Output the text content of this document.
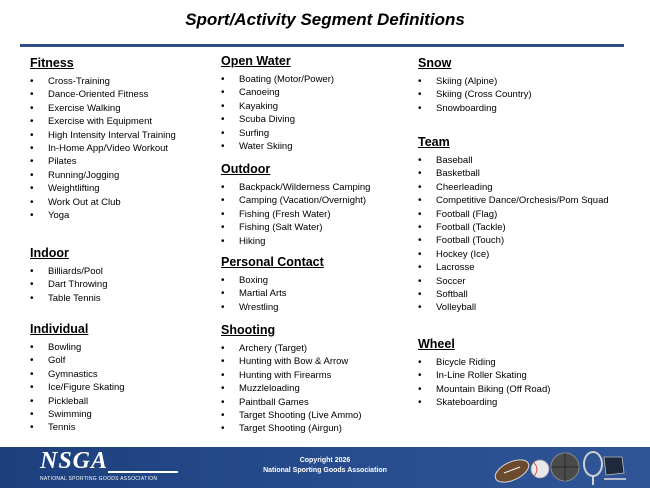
Sport/Activity Segment Definitions
Fitness
• Cross-Training
• Dance-Oriented Fitness
• Exercise Walking
• Exercise with Equipment
• High Intensity Interval Training
• In-Home App/Video Workout
• Pilates
• Running/Jogging
• Weightlifting
• Work Out at Club
• Yoga
Indoor
• Billiards/Pool
• Dart Throwing
• Table Tennis
Individual
• Bowling
• Golf
• Gymnastics
• Ice/Figure Skating
• Pickleball
• Swimming
• Tennis
Open Water
• Boating (Motor/Power)
• Canoeing
• Kayaking
• Scuba Diving
• Surfing
• Water Skiing
Outdoor
• Backpack/Wilderness Camping
• Camping (Vacation/Overnight)
• Fishing (Fresh Water)
• Fishing (Salt Water)
• Hiking
Personal Contact
• Boxing
• Martial Arts
• Wrestling
Shooting
• Archery (Target)
• Hunting with Bow & Arrow
• Hunting with Firearms
• Muzzleloading
• Paintball Games
• Target Shooting (Live Ammo)
• Target Shooting (Airgun)
Snow
• Skiing (Alpine)
• Skiing (Cross Country)
• Snowboarding
Team
• Baseball
• Basketball
• Cheerleading
• Competitive Dance/Orchesis/Pom Squad
• Football (Flag)
• Football (Tackle)
• Football (Touch)
• Hockey (Ice)
• Lacrosse
• Soccer
• Softball
• Volleyball
Wheel
• Bicycle Riding
• In-Line Roller Skating
• Mountain Biking (Off Road)
• Skateboarding
NSGA
NATIONAL SPORTING GOODS ASSOCIATION
Copyright 2026
National Sporting Goods Association
